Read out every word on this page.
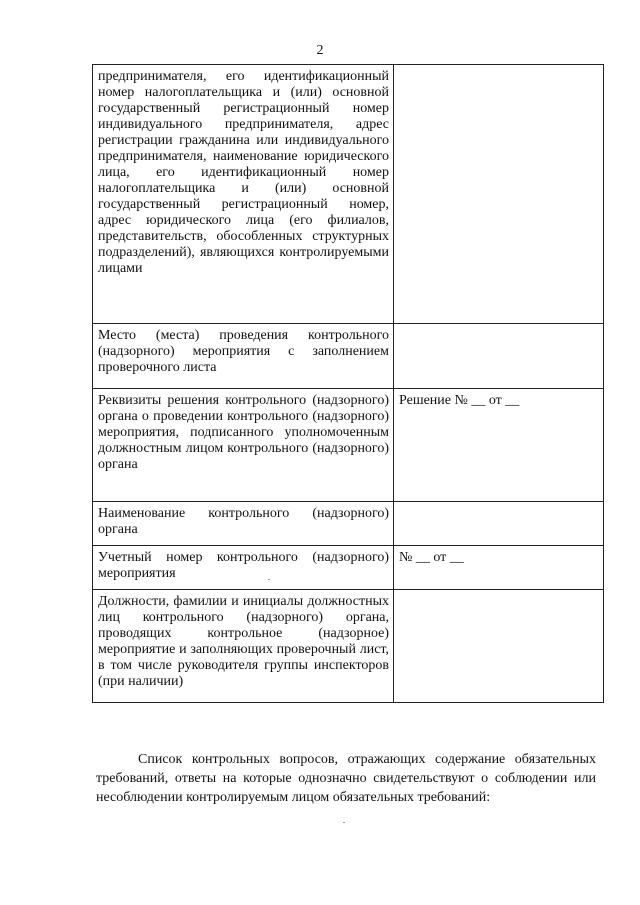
2
предпринимателя, его идентификационный номер налогоплательщика и (или) основной государственный регистрационный номер индивидуального предпринимателя, адрес регистрации гражданина или индивидуального предпринимателя, наименование юридического лица, его идентификационный номер налогоплательщика и (или) основной государственный регистрационный номер, адрес юридического лица (его филиалов, представительств, обособленных структурных подразделений), являющихся контролируемыми лицами	
Место (места) проведения контрольного (надзорного) мероприятия с заполнением проверочного листа	
Реквизиты решения контрольного (надзорного) органа о проведении контрольного (надзорного) мероприятия, подписанного уполномоченным должностным лицом контрольного (надзорного) органа	Решение № __ от __
Наименование контрольного (надзорного) органа	
Учетный номер контрольного (надзорного) мероприятия	№ __ от __
Должности, фамилии и инициалы должностных лиц контрольного (надзорного) органа, проводящих контрольное (надзорное) мероприятие и заполняющих проверочный лист, в том числе руководителя группы инспекторов (при наличии)	

Список контрольных вопросов, отражающих содержание обязательных требований, ответы на которые однозначно свидетельствуют о соблюдении или несоблюдении контролируемым лицом обязательных требований:
